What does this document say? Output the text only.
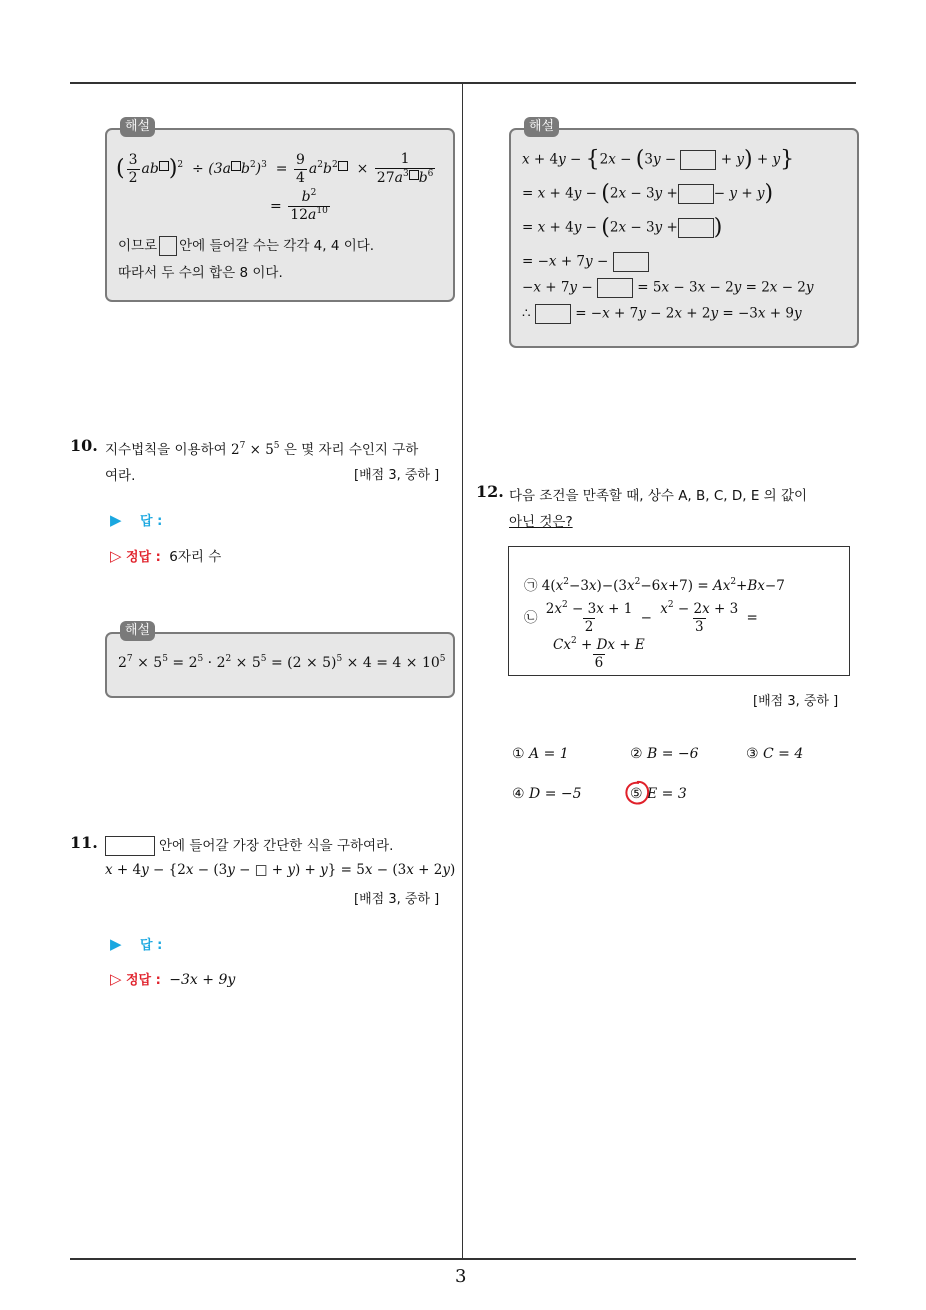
3
해설
( $\frac{3}{2}$ ab )$^2$  ÷ (3a $b^2)^3 = \frac{9}{4} a^2b^2 \times \frac{1}{27a^3 b^6}$
= $\frac{b^2}{12a^{10}}$
이므로 안에 들어갈 수는 각각 4, 4 이다.
따라서 두 수의 합은 8 이다.
10. 지수법칙을 이용하여 $2^7 \times 5^5$ 은 몇 자리 수인지 구하
여라.	[배점 3, 중하 ]
▶ 답 :
▷ 정답 : 6자리 수
해설
$2^7 \times 5^5 = 2^5 \cdot 2^2 \times 5^5 = (2 \times 5)^5 \times 4 = 4 \times 10^5$
11.	안에 들어갈 가장 간단한 식을 구하여라.
x + 4y − {2x − (3y − □ + y) + y} = 5x − (3x + 2y)
[배점 3, 중하 ]
▶ 답 :
▷ 정답 : −3x + 9y
해설
x + 4y − {2x − (3y −	+ y) + y}
= x + 4y − (2x − 3y +	− y + y)
= x + 4y − (2x − 3y + )
= −x + 7y −
−x + 7y −	= 5x − 3x − 2y = 2x − 2y
∴	= −x + 7y − 2x + 2y = −3x + 9y
12. 다음 조건을 만족할 때, 상수 A, B, C, D, E 의 값이
아닌 것은?
㉠ $4(x^2-3x)-(3x^2-6x+7) = Ax^2+Bx-7$
㉡ $\frac{2x^2 - 3x + 1}{2} - \frac{x^2 - 2x + 3}{3}$ =
$\frac{Cx^2 + Dx + E}{6}$
[배점 3, 중하 ]
① A = 1	② B = −6	③ C = 4
④ D = −5	⑤ E = 3
